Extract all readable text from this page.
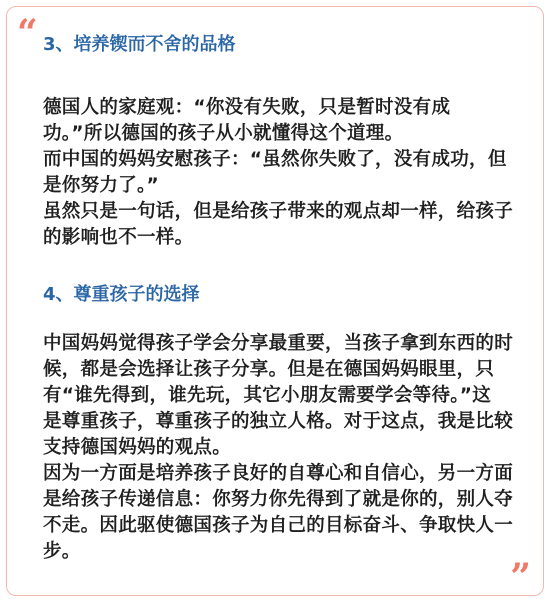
“
”
3、培养锲而不舍的品格

德国人的家庭观：“你没有失败，只是暂时没有成
功。”所以德国的孩子从小就懂得这个道理。
而中国的妈妈安慰孩子：“虽然你失败了，没有成功，但
是你努力了。”
虽然只是一句话，但是给孩子带来的观点却一样，给孩子
的影响也不一样。

4、尊重孩子的选择

中国妈妈觉得孩子学会分享最重要，当孩子拿到东西的时
候，都是会选择让孩子分享。但是在德国妈妈眼里，只
有“谁先得到，谁先玩，其它小朋友需要学会等待。”这
是尊重孩子，尊重孩子的独立人格。对于这点，我是比较
支持德国妈妈的观点。
因为一方面是培养孩子良好的自尊心和自信心，另一方面
是给孩子传递信息：你努力你先得到了就是你的，别人夺
不走。因此驱使德国孩子为自己的目标奋斗、争取快人一
步。
